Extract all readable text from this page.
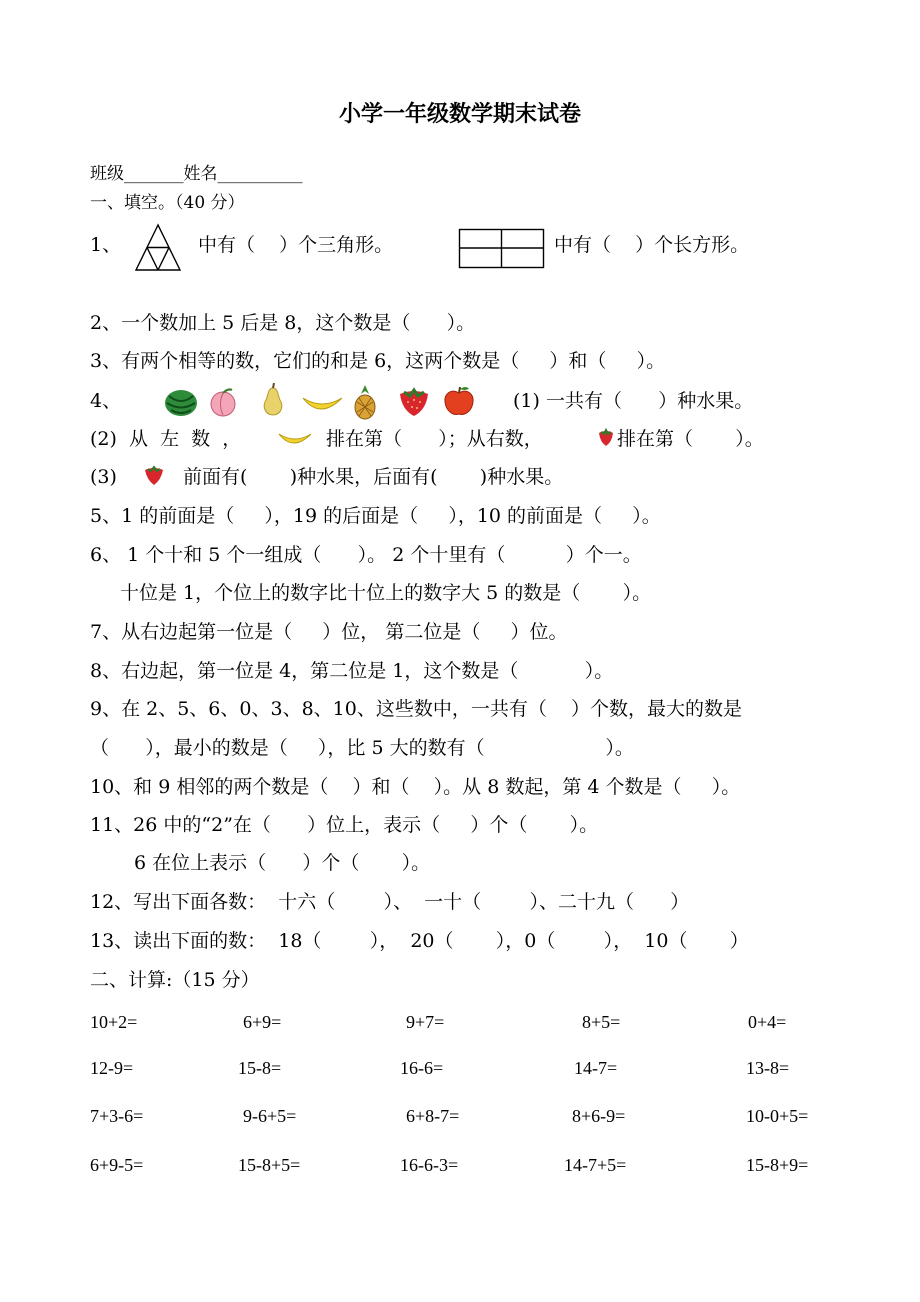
小学一年级数学期末试卷
班级_______姓名__________
一、填空。（40 分）
1、	中有（    ）个三角形。	中有（    ）个长方形。
2、一个数加上 5 后是 8，这个数是（      ）。
3、有两个相等的数，它们的和是 6，这两个数是（     ）和（     ）。
4、	(1) 一共有（      ）种水果。
(2)  从  左  数  ，	排在第（      ）；从右数，	排在第（       ）。
(3)	前面有(       )种水果，后面有(       )种水果。
5、1 的前面是（     ），19 的后面是（     ），10 的前面是（     ）。
6、 1 个十和 5 个一组成（      ）。 2 个十里有（          ）个一。
十位是 1，个位上的数字比十位上的数字大 5 的数是（       ）。
7、从右边起第一位是（     ）位， 第二位是（     ）位。
8、右边起，第一位是 4，第二位是 1，这个数是（           ）。
9、在 2、5、6、0、3、8、10、这些数中，一共有（    ）个数，最大的数是
（      ），最小的数是（     ），比 5 大的数有（                    ）。
10、和 9 相邻的两个数是（    ）和（    ）。从 8 数起，第 4 个数是（     ）。
11、26 中的“2”在（      ）位上，表示（     ）个（       ）。
6 在位上表示（      ）个（       ）。
12、写出下面各数：  十六（        ）、  一十（        ）、二十九（      ）
13、读出下面的数：  18（        ），  20（       ），0（        ），  10（       ）
二、计算:（15 分）
10+2=	6+9=	9+7=	8+5=	0+4=
12-9=	15-8=	16-6=	14-7=	13-8=
7+3-6=	9-6+5=	6+8-7=	8+6-9=	10-0+5=
6+9-5=	15-8+5=	16-6-3=	14-7+5=	15-8+9=
